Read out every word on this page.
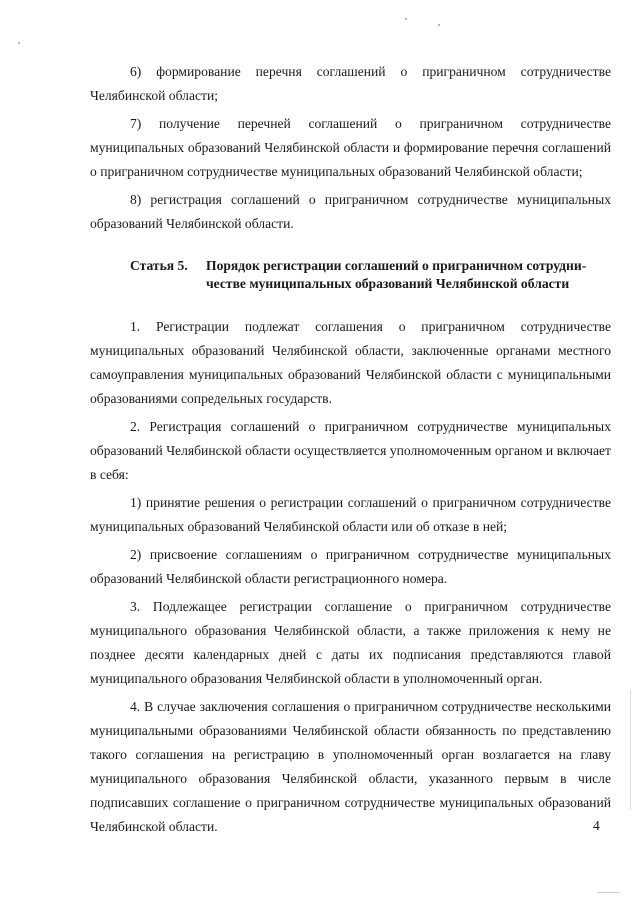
6) формирование перечня соглашений о приграничном сотрудничестве Челябинской области;

7) получение перечней соглашений о приграничном сотрудничестве муниципальных образований Челябинской области и формирование перечня соглашений о приграничном сотрудничестве муниципальных образований Челябинской области;

8) регистрация соглашений о приграничном сотрудничестве муниципальных образований Челябинской области.

Статья 5.	Порядок регистрации соглашений о приграничном сотрудни-
честве муниципальных образований Челябинской области

1. Регистрации подлежат соглашения о приграничном сотрудничестве муниципальных образований Челябинской области, заключенные органами местного самоуправления муниципальных образований Челябинской области с муниципальными образованиями сопредельных государств.

2. Регистрация соглашений о приграничном сотрудничестве муниципальных образований Челябинской области осуществляется уполномоченным органом и включает в себя:

1) принятие решения о регистрации соглашений о приграничном сотрудничестве муниципальных образований Челябинской области или об отказе в ней;

2) присвоение соглашениям о приграничном сотрудничестве муниципальных образований Челябинской области регистрационного номера.

3. Подлежащее регистрации соглашение о приграничном сотрудничестве муниципального образования Челябинской области, а также приложения к нему не позднее десяти календарных дней с даты их подписания представляются главой муниципального образования Челябинской области в уполномоченный орган.

4. В случае заключения соглашения о приграничном сотрудничестве несколькими муниципальными образованиями Челябинской области обязанность по представлению такого соглашения на регистрацию в уполномоченный орган возлагается на главу муниципального образования Челябинской области, указанного первым в числе подписавших соглашение о приграничном сотрудничестве муниципальных образований Челябинской области.	4
